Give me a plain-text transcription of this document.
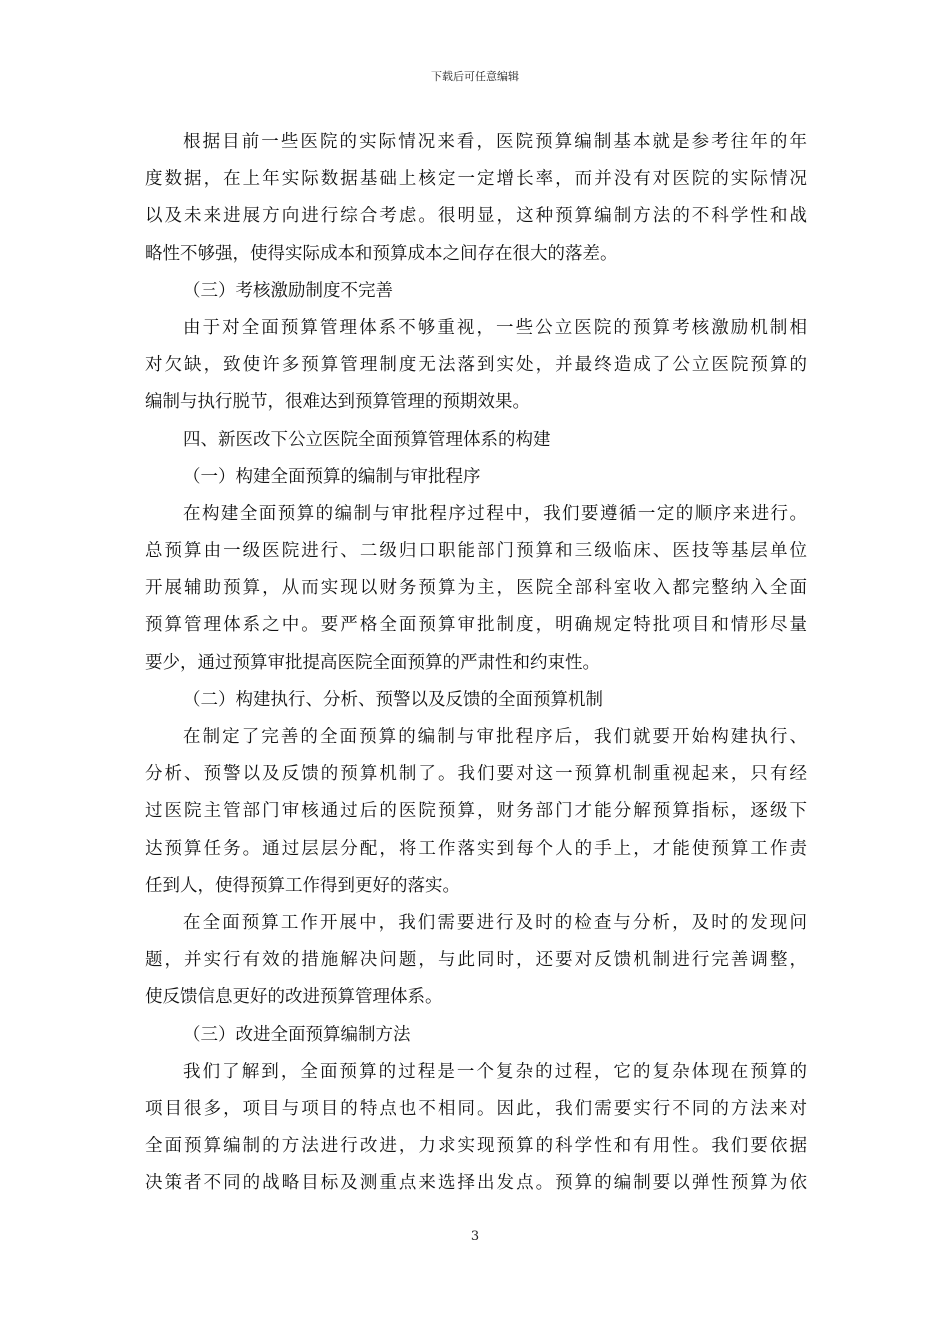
下载后可任意编辑
根据目前一些医院的实际情况来看，医院预算编制基本就是参考往年的年
度数据，在上年实际数据基础上核定一定增长率，而并没有对医院的实际情况
以及未来进展方向进行综合考虑。很明显，这种预算编制方法的不科学性和战
略性不够强，使得实际成本和预算成本之间存在很大的落差。
（三）考核激励制度不完善
由于对全面预算管理体系不够重视，一些公立医院的预算考核激励机制相
对欠缺，致使许多预算管理制度无法落到实处，并最终造成了公立医院预算的
编制与执行脱节，很难达到预算管理的预期效果。
四、新医改下公立医院全面预算管理体系的构建
（一）构建全面预算的编制与审批程序
在构建全面预算的编制与审批程序过程中，我们要遵循一定的顺序来进行。
总预算由一级医院进行、二级归口职能部门预算和三级临床、医技等基层单位
开展辅助预算，从而实现以财务预算为主，医院全部科室收入都完整纳入全面
预算管理体系之中。要严格全面预算审批制度，明确规定特批项目和情形尽量
要少，通过预算审批提高医院全面预算的严肃性和约束性。
（二）构建执行、分析、预警以及反馈的全面预算机制
在制定了完善的全面预算的编制与审批程序后，我们就要开始构建执行、
分析、预警以及反馈的预算机制了。我们要对这一预算机制重视起来，只有经
过医院主管部门审核通过后的医院预算，财务部门才能分解预算指标，逐级下
达预算任务。通过层层分配，将工作落实到每个人的手上，才能使预算工作责
任到人，使得预算工作得到更好的落实。
在全面预算工作开展中，我们需要进行及时的检查与分析，及时的发现问
题，并实行有效的措施解决问题，与此同时，还要对反馈机制进行完善调整，
使反馈信息更好的改进预算管理体系。
（三）改进全面预算编制方法
我们了解到，全面预算的过程是一个复杂的过程，它的复杂体现在预算的
项目很多，项目与项目的特点也不相同。因此，我们需要实行不同的方法来对
全面预算编制的方法进行改进，力求实现预算的科学性和有用性。我们要依据
决策者不同的战略目标及测重点来选择出发点。预算的编制要以弹性预算为依
3
